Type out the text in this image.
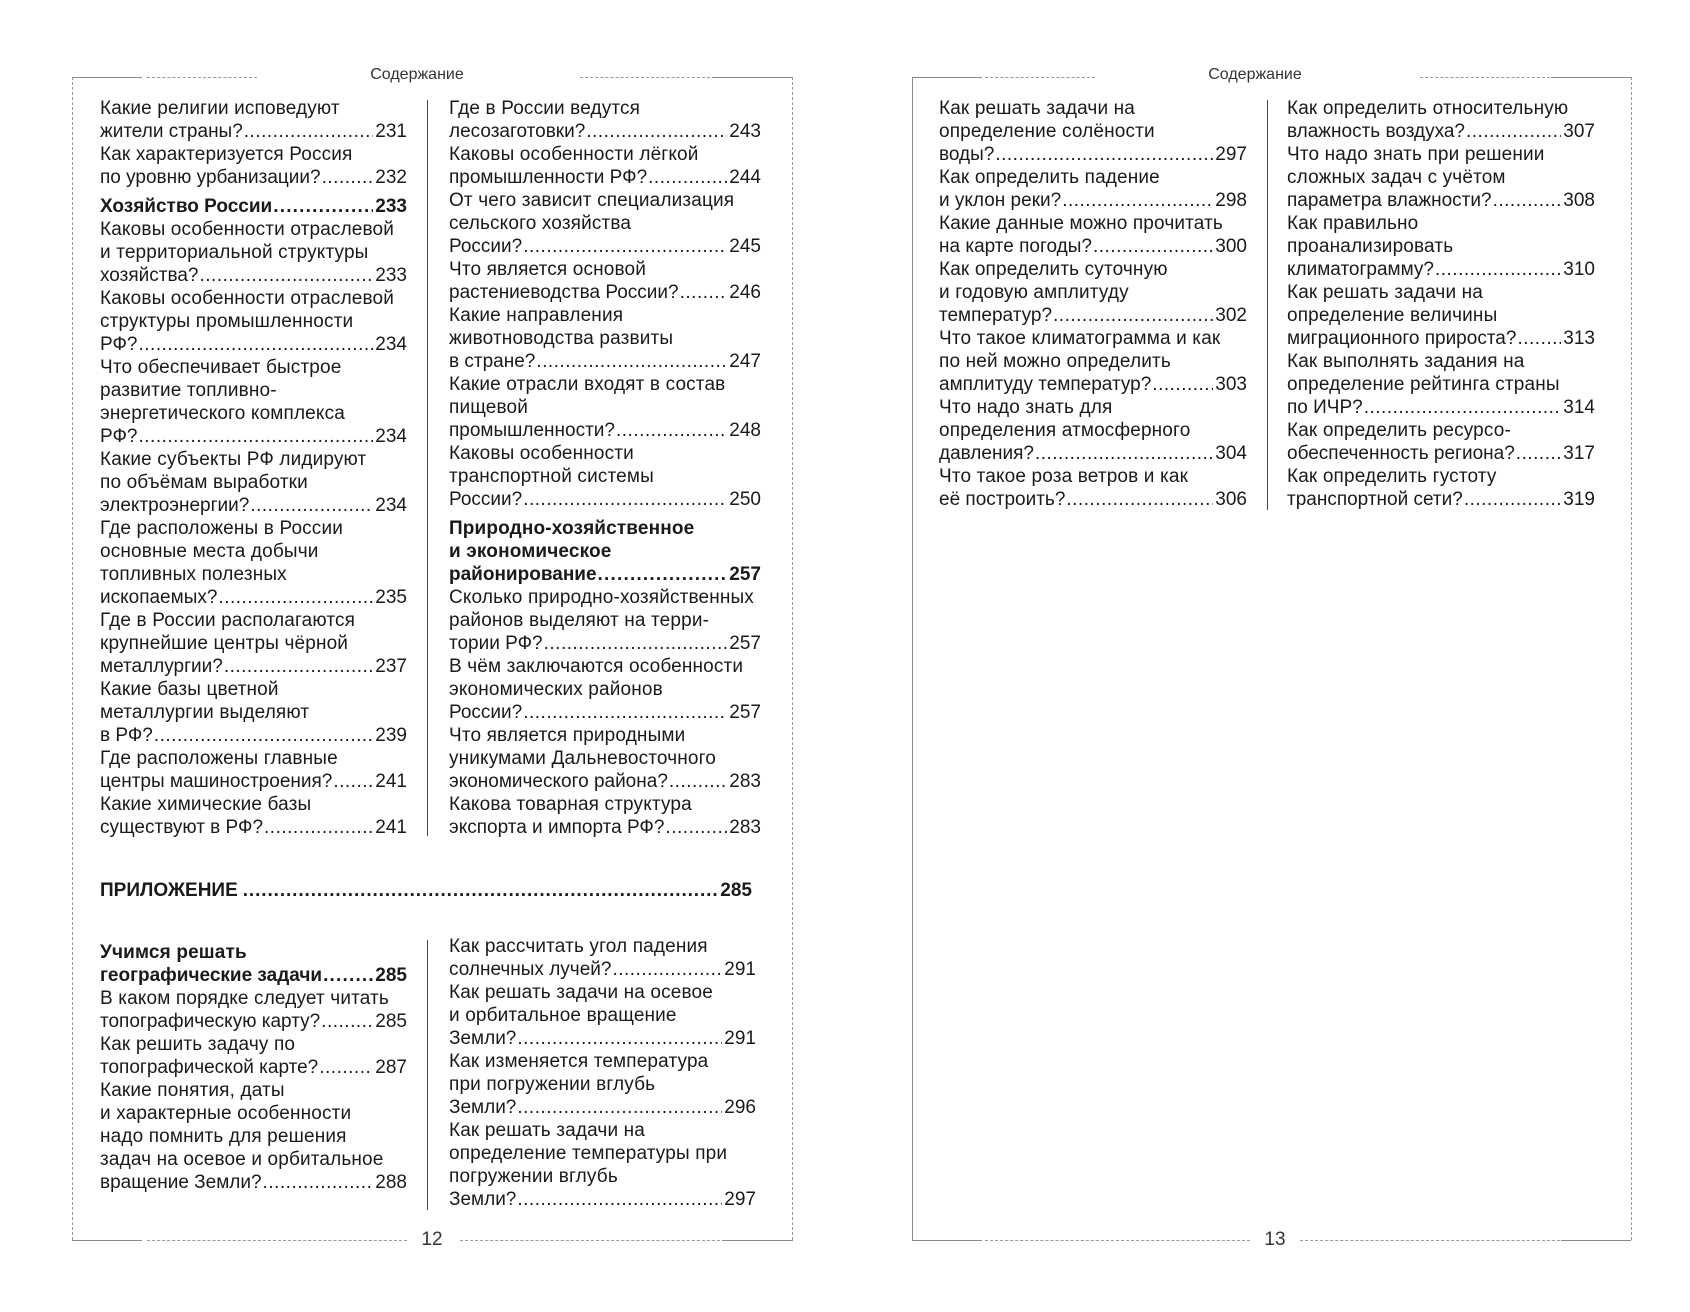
Содержание
12
Какие религии исповедуют
жители страны? .....	231
Как характеризуется Россия
по уровню урбанизации? .....	232
Хозяйство России .....	233
Каковы особенности отраслевой
и территориальной структуры
хозяйства? .....	233
Каковы особенности отраслевой
структуры промышленности
РФ? .....	234
Что обеспечивает быстрое
развитие топливно-
энергетического комплекса
РФ? .....	234
Какие субъекты РФ лидируют
по объёмам выработки
электроэнергии? .....	234
Где расположены в России
основные места добычи
топливных полезных
ископаемых? .....	235
Где в России располагаются
крупнейшие центры чёрной
металлургии? .....	237
Какие базы цветной
металлургии выделяют
в РФ? .....	239
Где расположены главные
центры машиностроения? ..... 241
Какие химические базы
существуют в РФ? .....	241
Где в России ведутся
лесозаготовки? .....	243
Каковы особенности лёгкой
промышленности РФ? .....	244
От чего зависит специализация
сельского хозяйства
России? .....	245
Что является основой
растениеводства России? .....	246
Какие направления
животноводства развиты
в стране? .....	247
Какие отрасли входят в состав
пищевой
промышленности? .....	248
Каковы особенности
транспортной системы
России? .....	250
Природно-хозяйственное
и экономическое
районирование .....	257
Сколько природно-хозяйственных
районов выделяют на терри-
тории РФ? .....	257
В чём заключаются особенности
экономических районов
России? .....	257
Что является природными
уникумами Дальневосточного
экономического района? .....	283
Какова товарная структура
экспорта и импорта РФ? .....	283
ПРИЛОЖЕНИЕ .....	285
Учимся решать
географические задачи .....	285
В каком порядке следует читать
топографическую карту? .....	285
Как решить задачу по
топографической карте? .....	287
Какие понятия, даты
и характерные особенности
надо помнить для решения
задач на осевое и орбитальное
вращение Земли? .....	288
Как рассчитать угол падения
солнечных лучей? .....	291
Как решать задачи на осевое
и орбитальное вращение
Земли? .....	291
Как изменяется температура
при погружении вглубь
Земли? .....	296
Как решать задачи на
определение температуры при
погружении вглубь
Земли? .....	297
Содержание
13
Как решать задачи на
определение солёности
воды? .....	297
Как определить падение
и уклон реки? .....	298
Какие данные можно прочитать
на карте погоды? .....	300
Как определить суточную
и годовую амплитуду
температур? .....	302
Что такое климатограмма и как
по ней можно определить
амплитуду температур? .....	303
Что надо знать для
определения атмосферного
давления? .....	304
Что такое роза ветров и как
её построить? .....	306
Как определить относительную
влажность воздуха? .....	307
Что надо знать при решении
сложных задач с учётом
параметра влажности? .....	308
Как правильно
проанализировать
климатограмму? .....	310
Как решать задачи на
определение величины
миграционного прироста? ..... 313
Как выполнять задания на
определение рейтинга страны
по ИЧР? .....	314
Как определить ресурсо-
обеспеченность региона? .....	317
Как определить густоту
транспортной сети? .....	319
